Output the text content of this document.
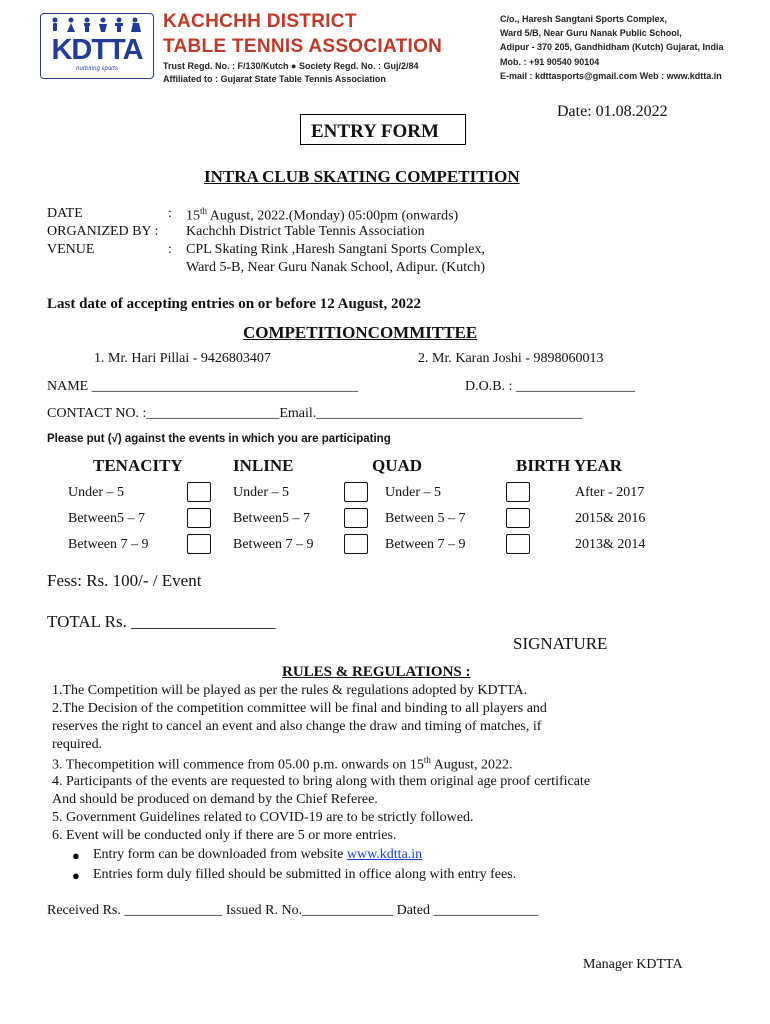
KDTTA
nurturing sports
KACHCHH DISTRICT
TABLE TENNIS ASSOCIATION
Trust Regd. No. : F/130/Kutch ● Society Regd. No. : Guj/2/84
Affiliated to : Gujarat State Table Tennis Association
C/o., Haresh Sangtani Sports Complex,
Ward 5/B, Near Guru Nanak Public School,
Adipur - 370 205, Gandhidham (Kutch) Gujarat, India
Mob. : +91 90540 90104
E-mail : kdttasports@gmail.com Web : www.kdtta.in
Date: 01.08.2022
ENTRY FORM
INTRA CLUB SKATING COMPETITION
DATE	: 15th August, 2022.(Monday) 05:00pm (onwards)
ORGANIZED BY : Kachchh District Table Tennis Association
VENUE	: CPL Skating Rink ,Haresh Sangtani Sports Complex,
Ward 5-B, Near Guru Nanak School, Adipur. (Kutch)
Last date of accepting entries on or before 12 August, 2022
COMPETITIONCOMMITTEE
1. Mr. Hari Pillai - 9426803407	2. Mr. Karan Joshi - 9898060013
NAME ______________________________________	D.O.B. : _________________
CONTACT NO. :___________________Email.______________________________________
Please put (√) against the events in which you are participating
TENACITY	INLINE	QUAD	BIRTH YEAR
Under – 5	Under – 5	Under – 5	After - 2017
Between5 – 7	Between5 – 7	Between 5 – 7	2015& 2016
Between 7 – 9	Between 7 – 9	Between 7 – 9	2013& 2014
Fess: Rs. 100/- / Event
TOTAL Rs. _________________
SIGNATURE
RULES & REGULATIONS :
1.The Competition will be played as per the rules & regulations adopted by KDTTA.
2.The Decision of the competition committee will be final and binding to all players and
reserves the right to cancel an event and also change the draw and timing of matches, if
required.
3. Thecompetition will commence from 05.00 p.m. onwards on 15th August, 2022.
4. Participants of the events are requested to bring along with them original age proof certificate
And should be produced on demand by the Chief Referee.
5. Government Guidelines related to COVID-19 are to be strictly followed.
6. Event will be conducted only if there are 5 or more entries.
● Entry form can be downloaded from website www.kdtta.in
● Entries form duly filled should be submitted in office along with entry fees.
Received Rs. ______________ Issued R. No._____________ Dated _______________
Manager KDTTA
